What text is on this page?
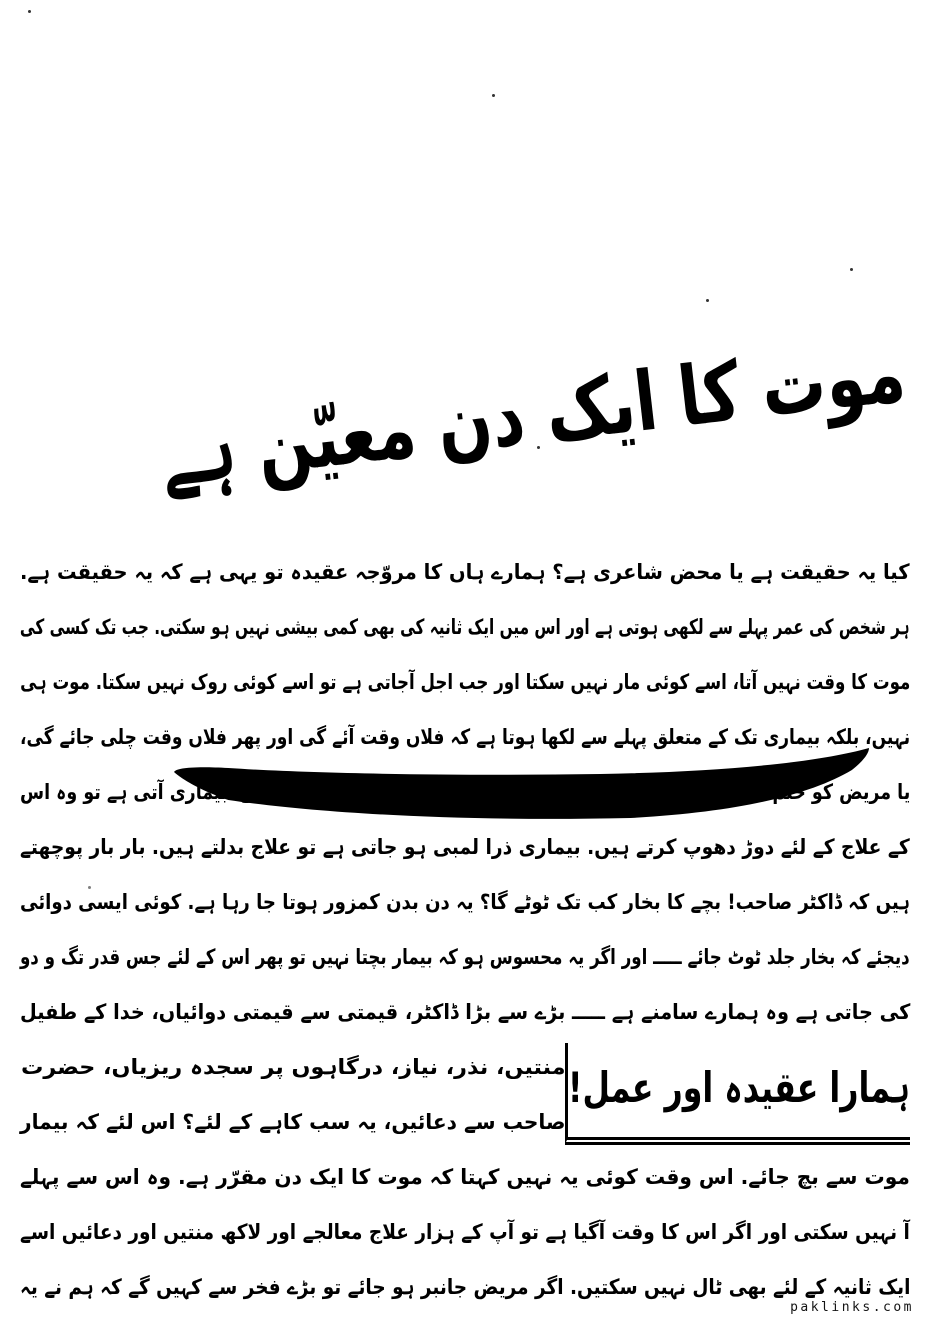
موت کا ایک دن معیّن ہے
کیا یہ حقیقت ہے یا محض شاعری ہے؟ ہمارے ہاں کا مروّجہ عقیدہ تو یہی ہے کہ یہ حقیقت ہے.
ہر شخص کی عمر پہلے سے لکھی ہوتی ہے اور اس میں ایک ثانیہ کی بھی کمی بیشی نہیں ہو سکتی. جب تک کسی کی
موت کا وقت نہیں آتا، اسے کوئی مار نہیں سکتا اور جب اجل آجاتی ہے تو اسے کوئی روک نہیں سکتا. موت ہی
نہیں، بلکہ بیماری تک کے متعلق پہلے سے لکھا ہوتا ہے کہ فلاں وقت آئے گی اور پھر فلاں وقت چلی جائے گی،
یا مریض کو ختم کر دے گی. لیکن اس قسم کا عقیدہ رکھنے والوں کو آپ دیکھئے. بیماری آتی ہے تو وہ اس
کے علاج کے لئے دوڑ دھوپ کرتے ہیں. بیماری ذرا لمبی ہو جاتی ہے تو علاج بدلتے ہیں. بار بار پوچھتے
ہیں کہ ڈاکٹر صاحب! بچے کا بخار کب تک ٹوٹے گا؟ یہ دن بدن کمزور ہوتا جا رہا ہے. کوئی ایسی دوائی
دیجئے کہ بخار جلد ٹوٹ جائے ـــــ اور اگر یہ محسوس ہو کہ بیمار بچتا نہیں تو پھر اس کے لئے جس قدر تگ و دو
کی جاتی ہے وہ ہمارے سامنے ہے ـــــ بڑے سے بڑا ڈاکٹر، قیمتی سے قیمتی دوائیاں، خدا کے طفیل
ہمارا عقیدہ اور عمل!
منتیں، نذر، نیاز، درگاہوں پر سجدہ ریزیاں، حضرت
صاحب سے دعائیں، یہ سب کاہے کے لئے؟ اس لئے کہ بیمار
موت سے بچ جائے. اس وقت کوئی یہ نہیں کہتا کہ موت کا ایک دن مقرّر ہے. وہ اس سے پہلے
آ نہیں سکتی اور اگر اس کا وقت آگیا ہے تو آپ کے ہزار علاج معالجے اور لاکھ منتیں اور دعائیں اسے
ایک ثانیہ کے لئے بھی ٹال نہیں سکتیں. اگر مریض جانبر ہو جائے تو بڑے فخر سے کہیں گے کہ ہم نے یہ
paklinks.com
